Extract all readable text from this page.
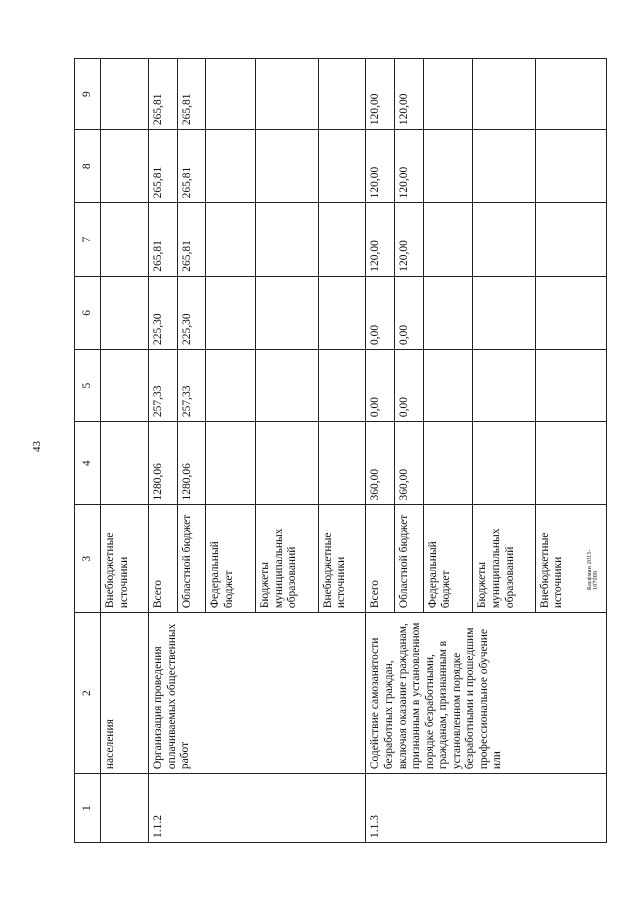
43
1	2	3	4	5	6	7	8	9
	населения	Внебюджетные источники						
1.1.2	Организация проведения оплачиваемых общественных работ	Всего	1280,06	257,33	225,30	265,81	265,81	265,81
		Областной бюджет	1280,06	257,33	225,30	265,81	265,81	265,81
		Федеральный бюджет						
		Бюджеты муниципальных образований						
		Внебюджетные источники						
1.1.3	Содействие самозанятости безработных граждан, включая оказание гражданам, признанным в установленном порядке безработными, гражданам, признанным в установленном порядке безработными и прошедшим профессиональное обучение или	Всего	360,00	0,00	0,00	120,00	120,00	120,00
		Областной бюджет	360,00	0,00	0,00	120,00	120,00	120,00
		Федеральный бюджет						
		Бюджеты муниципальных образований						
		Внебюджетные источники							Кауфман 2015-107008
